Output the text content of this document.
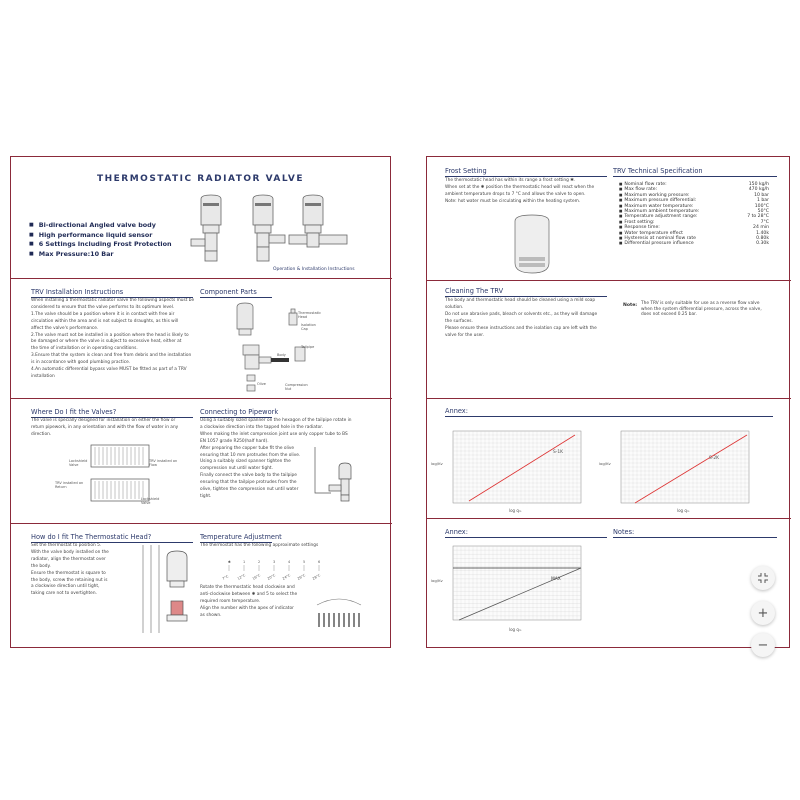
THERMOSTATIC RADIATOR VALVE
■ Bi-directional Angled valve body
■ High performance liquid sensor
■ 6 Settings Including Frost Protection
■ Max Pressure:10 Bar
Operation & Installation Instructions
TRV Installation Instructions
When installing a thermostatic radiator valve the following aspects must be
considered to ensure that the valve performs to its optimum level.
1.The valve should be a position where it is in contact with free air
circulation within the area and is not subject to draughts, as this will
affect the valve's performance.
2.The valve must not be installed in a position where the head is likely to
be damaged or where the valve is subject to excessive heat, either at
the time of installation or in operating conditions.
3.Ensure that the system is clean and free from debris and the installation
is in accordance with good plumbing practice.
4.An automatic differential bypass valve MUST be fitted as part of a TRV
installation
Component Parts
Thermostatic Head
Isolation Cap
Tailpipe
Body
Olive	Compression Nut
Where Do I fit the Valves?
The valve is specially designed for installation on either the flow or
return pipework, in any orientation and with the flow of water in any
direction.
Lockshield Valve
TRV installed on Flow
TRV installed on Return
Lockshield Valve
Connecting to Pipework
Using a suitably sized spanner on the hexagon of the tailpipe rotate in
a clockwise direction into the tapped hole in the radiator.
When making the inlet compression joint use only copper tube to BS
EN 1057 grade R250(half hard).
After preparing the copper tube fit the olive
ensuring that 10 mm protrudes from the olive.
Using a suitably sized spanner tighten the
compression nut until water tight.
Finally connect the valve body to the tailpipe
ensuring that the tailpipe protrudes from the
olive, tighten the compression nut until water
tight.
How do I fit The Thermostatic Head?
Set the thermostat to position 5.
With the valve body installed on the
radiator, align the thermostat over
the body.
Ensure the thermostat is square to
the body, screw the retaining nut is
a clockwise direction until tight,
taking care not to overtighten.
Temperature Adjustment
The thermostat has the following approximate settings
✱	1	2	3	4	5	6
7°C 12°C 16°C 20°C 24°C 26°C 28°C
Rotate the thermostatic head clockwise and
anti-clockwise between ✱ and 5 to select the
required room temperature.
Align the number with the apex of indicator
as shown.
Frost Setting
The thermostatic head has within its range a frost setting ✱.
When set at the ✱ position the thermostatic head will react when the
ambient temperature drops to 7 °C and allows the valve to open.
Note: hot water must be circulating within the heating system.
TRV Technical Specification
■ Nominal flow rate:	150 kg/h
■ Max flow rate:	470 kg/h
■ Maximum working pressure:	10 bar
■ Maximum pressure differential:	1 bar
■ Maximum water temperature:	100°C
■ Maximum ambient temperature:	50°C
■ Temperature adjustment range:	7 to 28°C
■ Frost setting:	7°C
■ Response time:	24 min
■ Water temperature effect	1.40k
■ Hysteresis at nominal flow rate	0.80k
■ Differential pressure influence	0.30k
Cleaning The TRV
The body and thermostatic head should be cleaned using a mild soap
solution.
Do not use abrasive pads, bleach or solvents etc., as they will damage
the surfaces.
Please ensure these instructions and the isolation cap are left with the
valve for the user.
Note: The TRV is only suitable for use as a reverse flow valve
when the system differential pressure, across the valve,
does not exceed 0.25 bar.
Annex:
S-1K
log/Kv
log qₘ
S-2K
log/Kv
log qₘ
Annex:	Notes:
MAX
log/Kv
log qₘ
+
−
